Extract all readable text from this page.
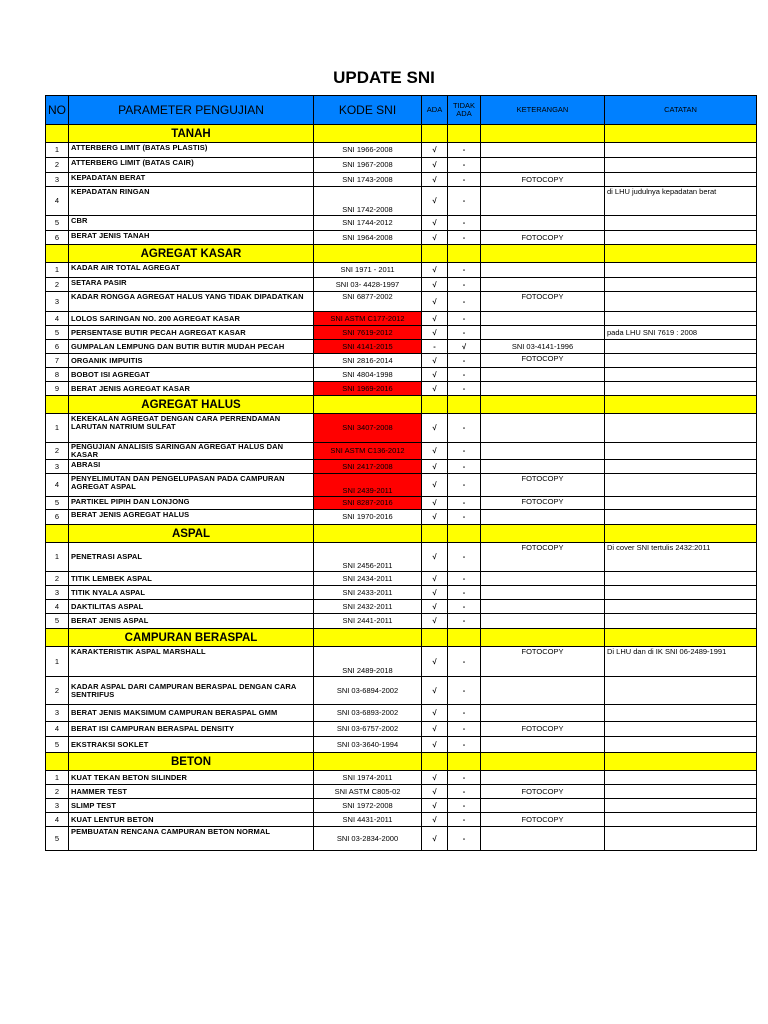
UPDATE SNI
NO	PARAMETER PENGUJIAN	KODE SNI	ADA	TIDAK ADA	KETERANGAN	CATATAN
	TANAH					
1	ATTERBERG LIMIT (BATAS PLASTIS)	SNI 1966-2008	√	-		
2	ATTERBERG LIMIT (BATAS CAIR)	SNI 1967-2008	√	-		
3	KEPADATAN BERAT	SNI 1743-2008	√	-	FOTOCOPY	
4	KEPADATAN RINGAN	SNI 1742-2008	√	-		di LHU judulnya kepadatan berat
5	CBR	SNI 1744-2012	√	-		
6	BERAT JENIS TANAH	SNI 1964-2008	√	-	FOTOCOPY	
	AGREGAT KASAR					
1	KADAR AIR TOTAL AGREGAT	SNI 1971 - 2011	√	-		
2	SETARA PASIR	SNI 03- 4428-1997	√	-		
3	KADAR RONGGA AGREGAT HALUS YANG TIDAK DIPADATKAN	SNI 6877-2002	√	-	FOTOCOPY	
4	LOLOS SARINGAN NO. 200 AGREGAT KASAR	SNI ASTM C177-2012	√	-		
5	PERSENTASE BUTIR PECAH AGREGAT KASAR	SNI 7619-2012	√	-		pada LHU SNI 7619 : 2008
6	GUMPALAN LEMPUNG DAN BUTIR BUTIR MUDAH PECAH	SNI 4141-2015	-	√	SNI 03-4141-1996	
7	ORGANIK IMPUITIS	SNI 2816-2014	√	-	FOTOCOPY	
8	BOBOT ISI AGREGAT	SNI 4804-1998	√	-		
9	BERAT JENIS AGREGAT KASAR	SNI 1969-2016	√	-		
	AGREGAT HALUS					
1	KEKEKALAN AGREGAT DENGAN CARA PERRENDAMAN LARUTAN NATRIUM SULFAT	SNI 3407-2008	√	-		
2	PENGUJIAN ANALISIS SARINGAN AGREGAT HALUS DAN KASAR	SNI ASTM C136-2012	√	-		
3	ABRASI	SNI 2417-2008	√	-		
4	PENYELIMUTAN DAN PENGELUPASAN PADA CAMPURAN AGREGAT ASPAL	SNI 2439-2011	√	-	FOTOCOPY	
5	PARTIKEL PIPIH DAN LONJONG	SNI 8287-2016	√	-	FOTOCOPY	
6	BERAT JENIS AGREGAT HALUS	SNI 1970-2016	√	-		
	ASPAL					
1	PENETRASI ASPAL	SNI 2456-2011	√	-	FOTOCOPY	Di cover SNI tertulis 2432:2011
2	TITIK LEMBEK ASPAL	SNI 2434-2011	√	-		
3	TITIK NYALA ASPAL	SNI 2433-2011	√	-		
4	DAKTILITAS ASPAL	SNI 2432-2011	√	-		
5	BERAT JENIS ASPAL	SNI 2441-2011	√	-		
	CAMPURAN BERASPAL					
1	KARAKTERISTIK ASPAL MARSHALL	SNI 2489-2018	√	-	FOTOCOPY	Di LHU dan di IK SNI 06-2489-1991
2	KADAR ASPAL DARI CAMPURAN BERASPAL DENGAN CARA SENTRIFUS	SNI 03-6894-2002	√	-		
3	BERAT JENIS MAKSIMUM CAMPURAN BERASPAL GMM	SNI 03-6893-2002	√	-		
4	BERAT ISI CAMPURAN BERASPAL DENSITY	SNI 03-6757-2002	√	-	FOTOCOPY	
5	EKSTRAKSI SOKLET	SNI 03-3640-1994	√	-		
	BETON					
1	KUAT TEKAN BETON SILINDER	SNI 1974-2011	√	-		
2	HAMMER TEST	SNI ASTM C805-02	√	-	FOTOCOPY	
3	SLIMP TEST	SNI 1972-2008	√	-		
4	KUAT LENTUR BETON	SNI 4431-2011	√	-	FOTOCOPY	
5	PEMBUATAN RENCANA CAMPURAN BETON NORMAL	SNI 03-2834-2000	√	-		
